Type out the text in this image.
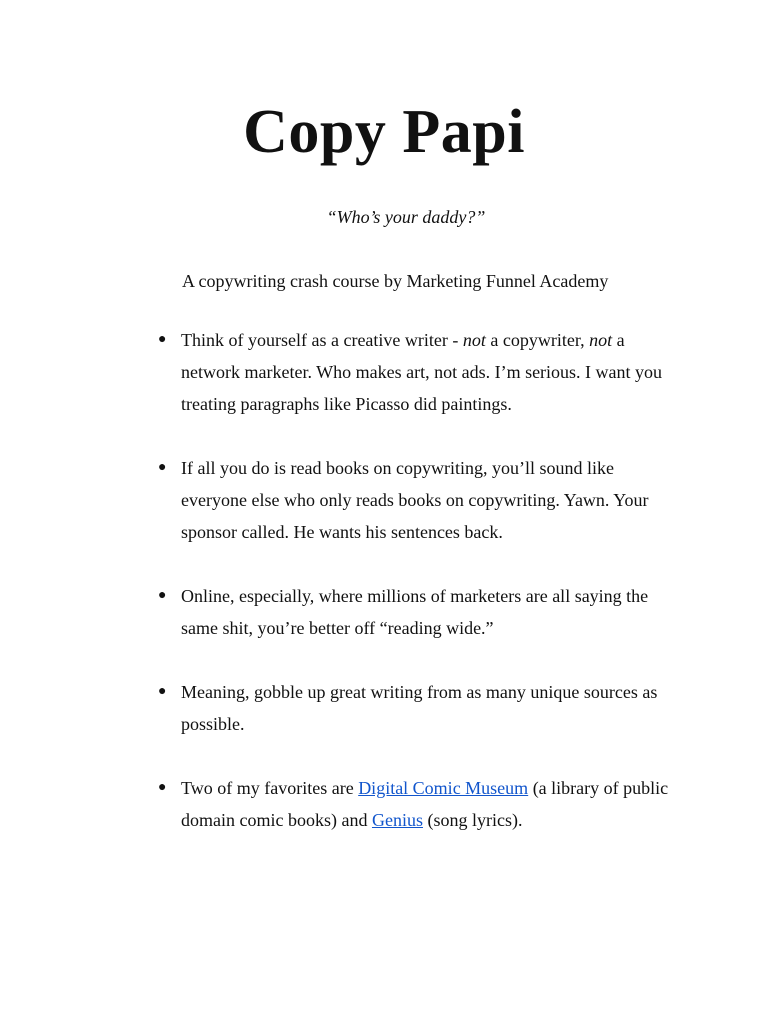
Copy Papi
“Who’s your daddy?”
A copywriting crash course by Marketing Funnel Academy
● Think of yourself as a creative writer - not a copywriter, not a network marketer. Who makes art, not ads. I’m serious. I want you treating paragraphs like Picasso did paintings.
● If all you do is read books on copywriting, you’ll sound like everyone else who only reads books on copywriting. Yawn. Your sponsor called. He wants his sentences back.
● Online, especially, where millions of marketers are all saying the same shit, you’re better off “reading wide.”
● Meaning, gobble up great writing from as many unique sources as possible.
● Two of my favorites are Digital Comic Museum (a library of public domain comic books) and Genius (song lyrics).
